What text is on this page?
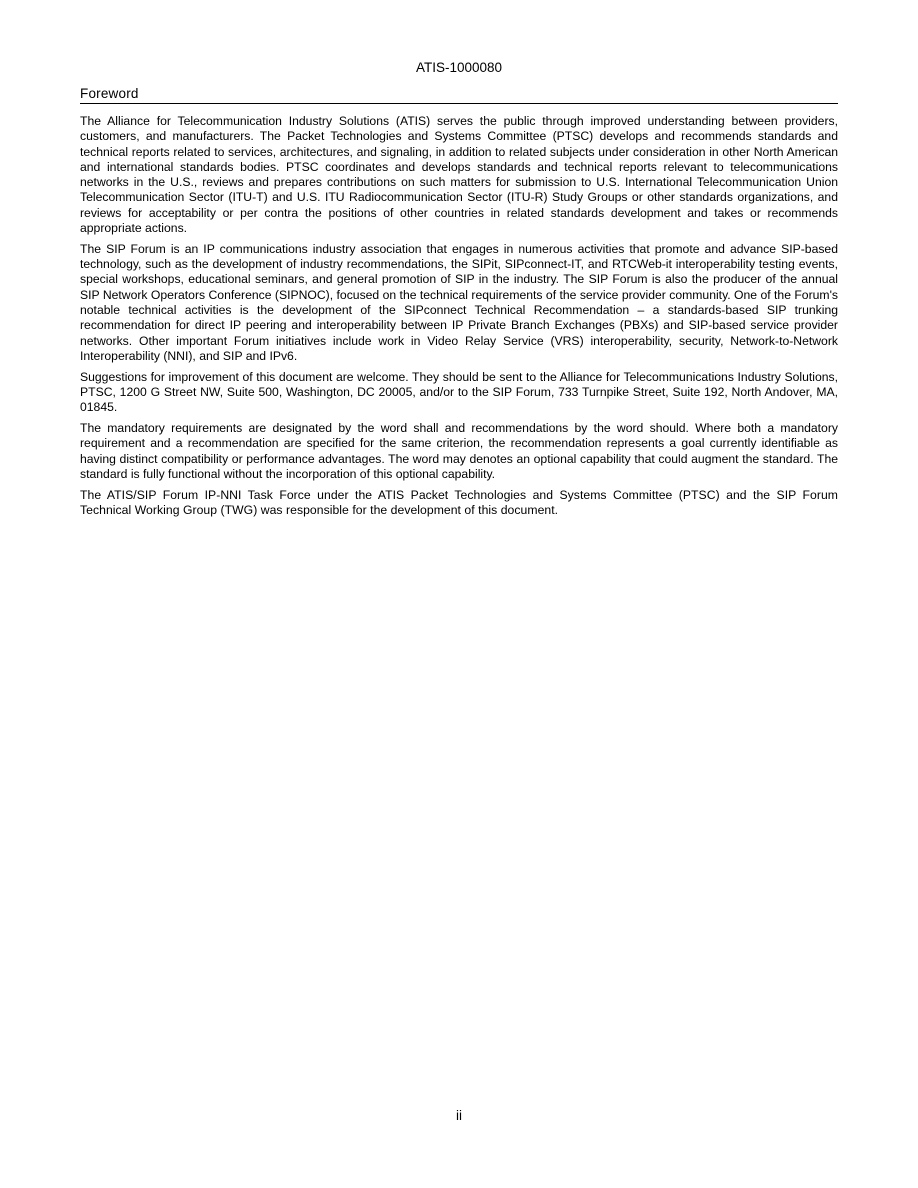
ATIS-1000080
Foreword

The Alliance for Telecommunication Industry Solutions (ATIS) serves the public through improved understanding between providers, customers, and manufacturers. The Packet Technologies and Systems Committee (PTSC) develops and recommends standards and technical reports related to services, architectures, and signaling, in addition to related subjects under consideration in other North American and international standards bodies. PTSC coordinates and develops standards and technical reports relevant to telecommunications networks in the U.S., reviews and prepares contributions on such matters for submission to U.S. International Telecommunication Union Telecommunication Sector (ITU-T) and U.S. ITU Radiocommunication Sector (ITU-R) Study Groups or other standards organizations, and reviews for acceptability or per contra the positions of other countries in related standards development and takes or recommends appropriate actions.

The SIP Forum is an IP communications industry association that engages in numerous activities that promote and advance SIP-based technology, such as the development of industry recommendations, the SIPit, SIPconnect-IT, and RTCWeb-it interoperability testing events, special workshops, educational seminars, and general promotion of SIP in the industry. The SIP Forum is also the producer of the annual SIP Network Operators Conference (SIPNOC), focused on the technical requirements of the service provider community. One of the Forum's notable technical activities is the development of the SIPconnect Technical Recommendation – a standards-based SIP trunking recommendation for direct IP peering and interoperability between IP Private Branch Exchanges (PBXs) and SIP-based service provider networks. Other important Forum initiatives include work in Video Relay Service (VRS) interoperability, security, Network-to-Network Interoperability (NNI), and SIP and IPv6.

Suggestions for improvement of this document are welcome. They should be sent to the Alliance for Telecommunications Industry Solutions, PTSC, 1200 G Street NW, Suite 500, Washington, DC 20005, and/or to the SIP Forum, 733 Turnpike Street, Suite 192, North Andover, MA, 01845.

The mandatory requirements are designated by the word shall and recommendations by the word should. Where both a mandatory requirement and a recommendation are specified for the same criterion, the recommendation represents a goal currently identifiable as having distinct compatibility or performance advantages. The word may denotes an optional capability that could augment the standard. The standard is fully functional without the incorporation of this optional capability.

The ATIS/SIP Forum IP-NNI Task Force under the ATIS Packet Technologies and Systems Committee (PTSC) and the SIP Forum Technical Working Group (TWG) was responsible for the development of this document.

ii
